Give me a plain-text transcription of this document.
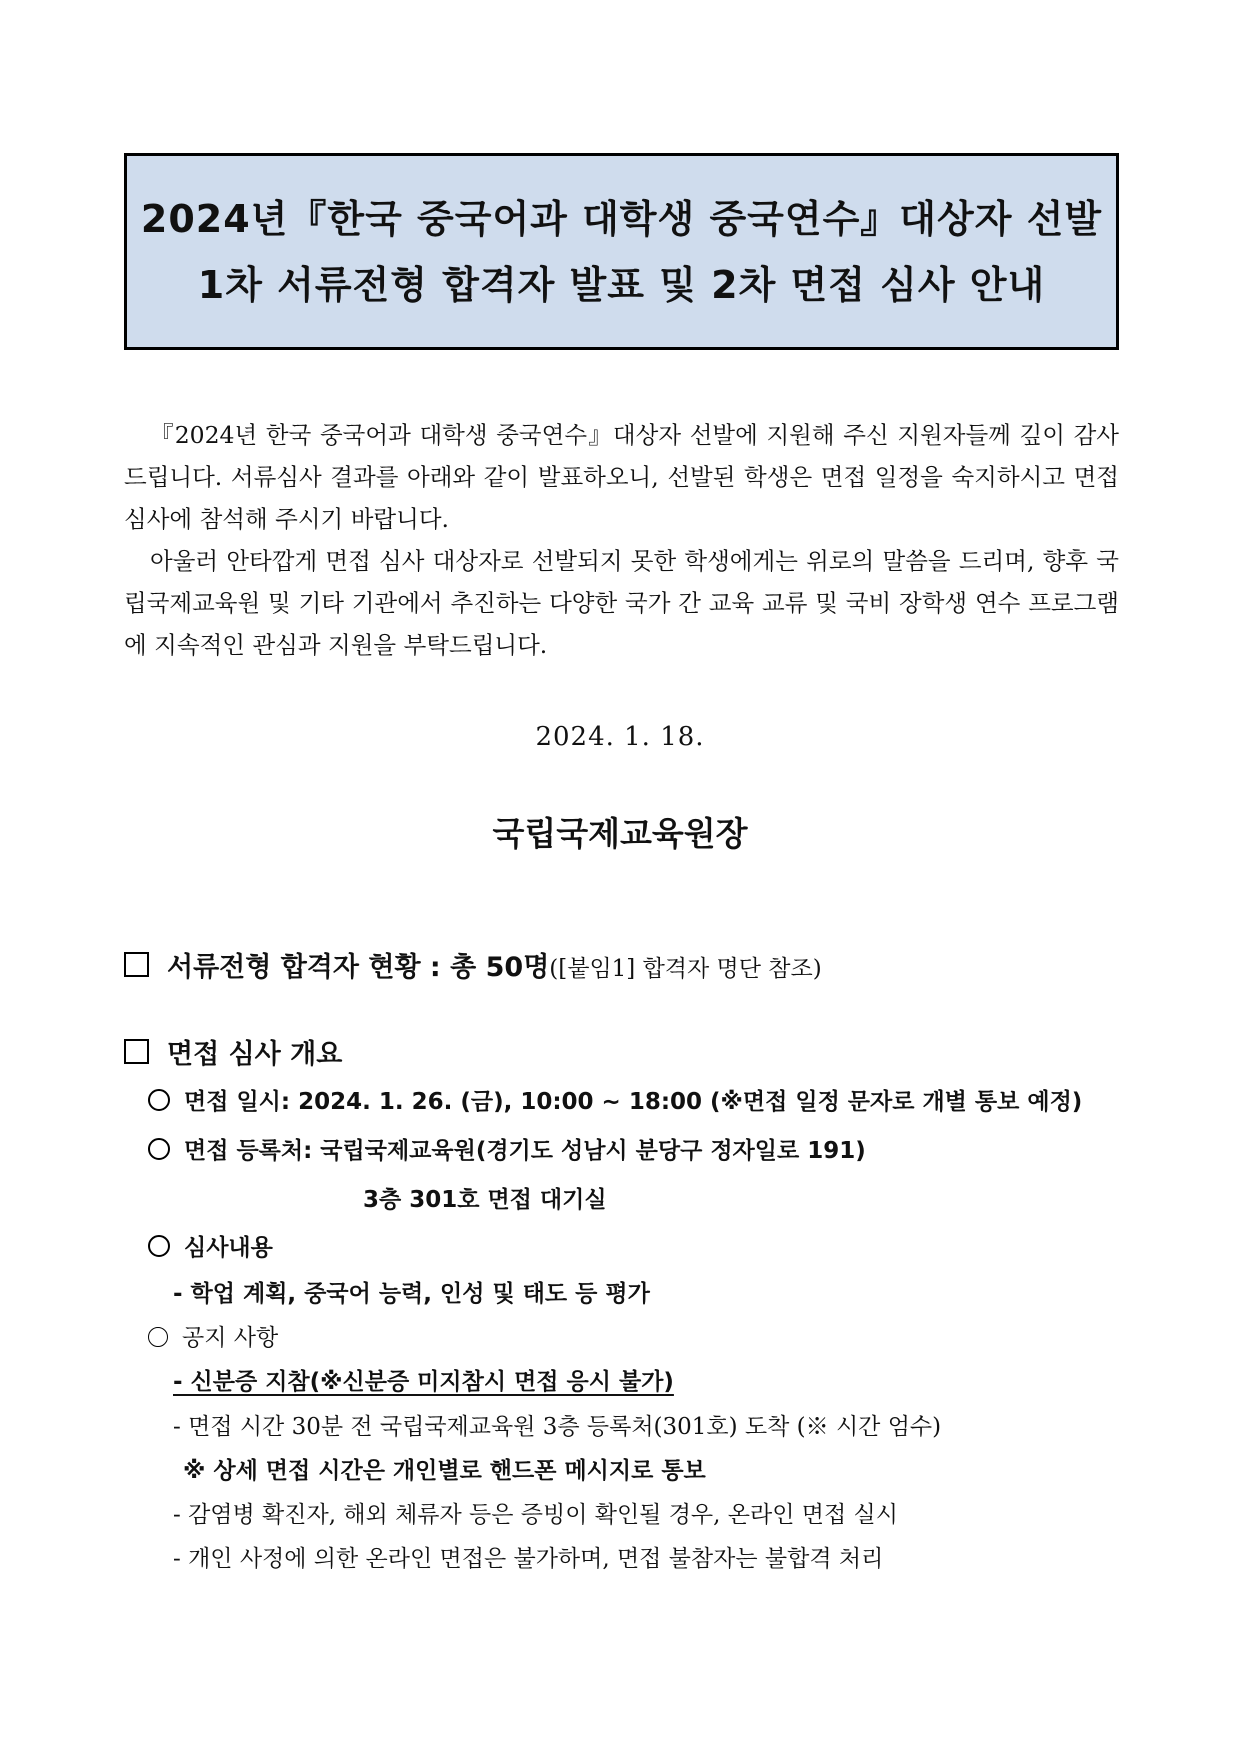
2024년『한국 중국어과 대학생 중국연수』대상자 선발
1차 서류전형 합격자 발표 및 2차 면접 심사 안내

『2024년 한국 중국어과 대학생 중국연수』대상자 선발에 지원해 주신 지원자들께 깊이 감사드립니다. 서류심사 결과를 아래와 같이 발표하오니, 선발된 학생은 면접 일정을 숙지하시고 면접 심사에 참석해 주시기 바랍니다.

아울러 안타깝게 면접 심사 대상자로 선발되지 못한 학생에게는 위로의 말씀을 드리며, 향후 국립국제교육원 및 기타 기관에서 추진하는 다양한 국가 간 교육 교류 및 국비 장학생 연수 프로그램에 지속적인 관심과 지원을 부탁드립니다.

2024. 1. 18.
국립국제교육원장
서류전형 합격자 현황 : 총 50명([붙임1] 합격자 명단 참조)
면접 심사 개요
면접 일시: 2024. 1. 26. (금), 10:00 ~ 18:00 (※면접 일정 문자로 개별 통보 예정)
면접 등록처: 국립국제교육원(경기도 성남시 분당구 정자일로 191)
3층 301호 면접 대기실
심사내용
- 학업 계획, 중국어 능력, 인성 및 태도 등 평가
공지 사항
- 신분증 지참(※신분증 미지참시 면접 응시 불가)
- 면접 시간 30분 전 국립국제교육원 3층 등록처(301호) 도착 (※ 시간 엄수)
※ 상세 면접 시간은 개인별로 핸드폰 메시지로 통보
- 감염병 확진자, 해외 체류자 등은 증빙이 확인될 경우, 온라인 면접 실시
- 개인 사정에 의한 온라인 면접은 불가하며, 면접 불참자는 불합격 처리
